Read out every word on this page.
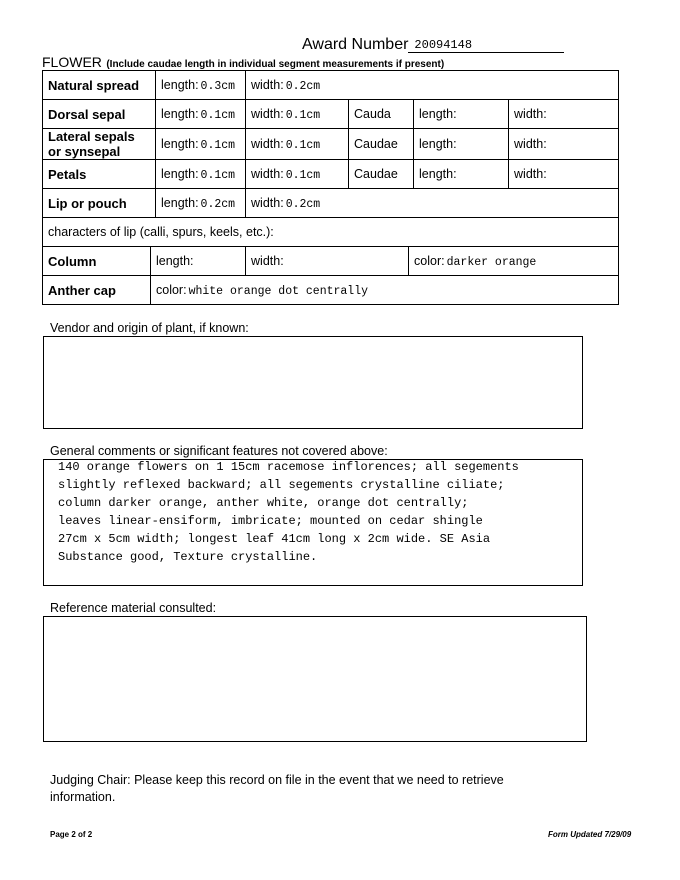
Award Number 20094148
FLOWER (Include caudae length in individual segment measurements if present)
Natural spread		length: 0.3cm	width: 0.2cm				
Dorsal sepal		length: 0.1cm	width: 0.1cm	Cauda		length:	width:
Lateral sepals or synsepal		length: 0.1cm	width: 0.1cm	Caudae		length:	width:
Petals		length: 0.1cm	width: 0.1cm	Caudae		length:	width:
Lip or pouch		length: 0.2cm	width: 0.2cm				
characters of lip (calli, spurs, keels, etc.):							
Column	length:		width:		color: darker orange		
Anther cap	color: white orange dot centrally						
Vendor and origin of plant, if known:
General comments or significant features not covered above:
140 orange flowers on 1 15cm racemose inflorences; all segements
slightly reflexed backward; all segements crystalline ciliate;
column darker orange, anther white, orange dot centrally;
leaves linear-ensiform, imbricate; mounted on cedar shingle
27cm x 5cm width; longest leaf 41cm long x 2cm wide. SE Asia
Substance good, Texture crystalline.
Reference material consulted:
Judging Chair: Please keep this record on file in the event that we need to retrieve information.
Page 2 of 2	Form Updated 7/29/09
